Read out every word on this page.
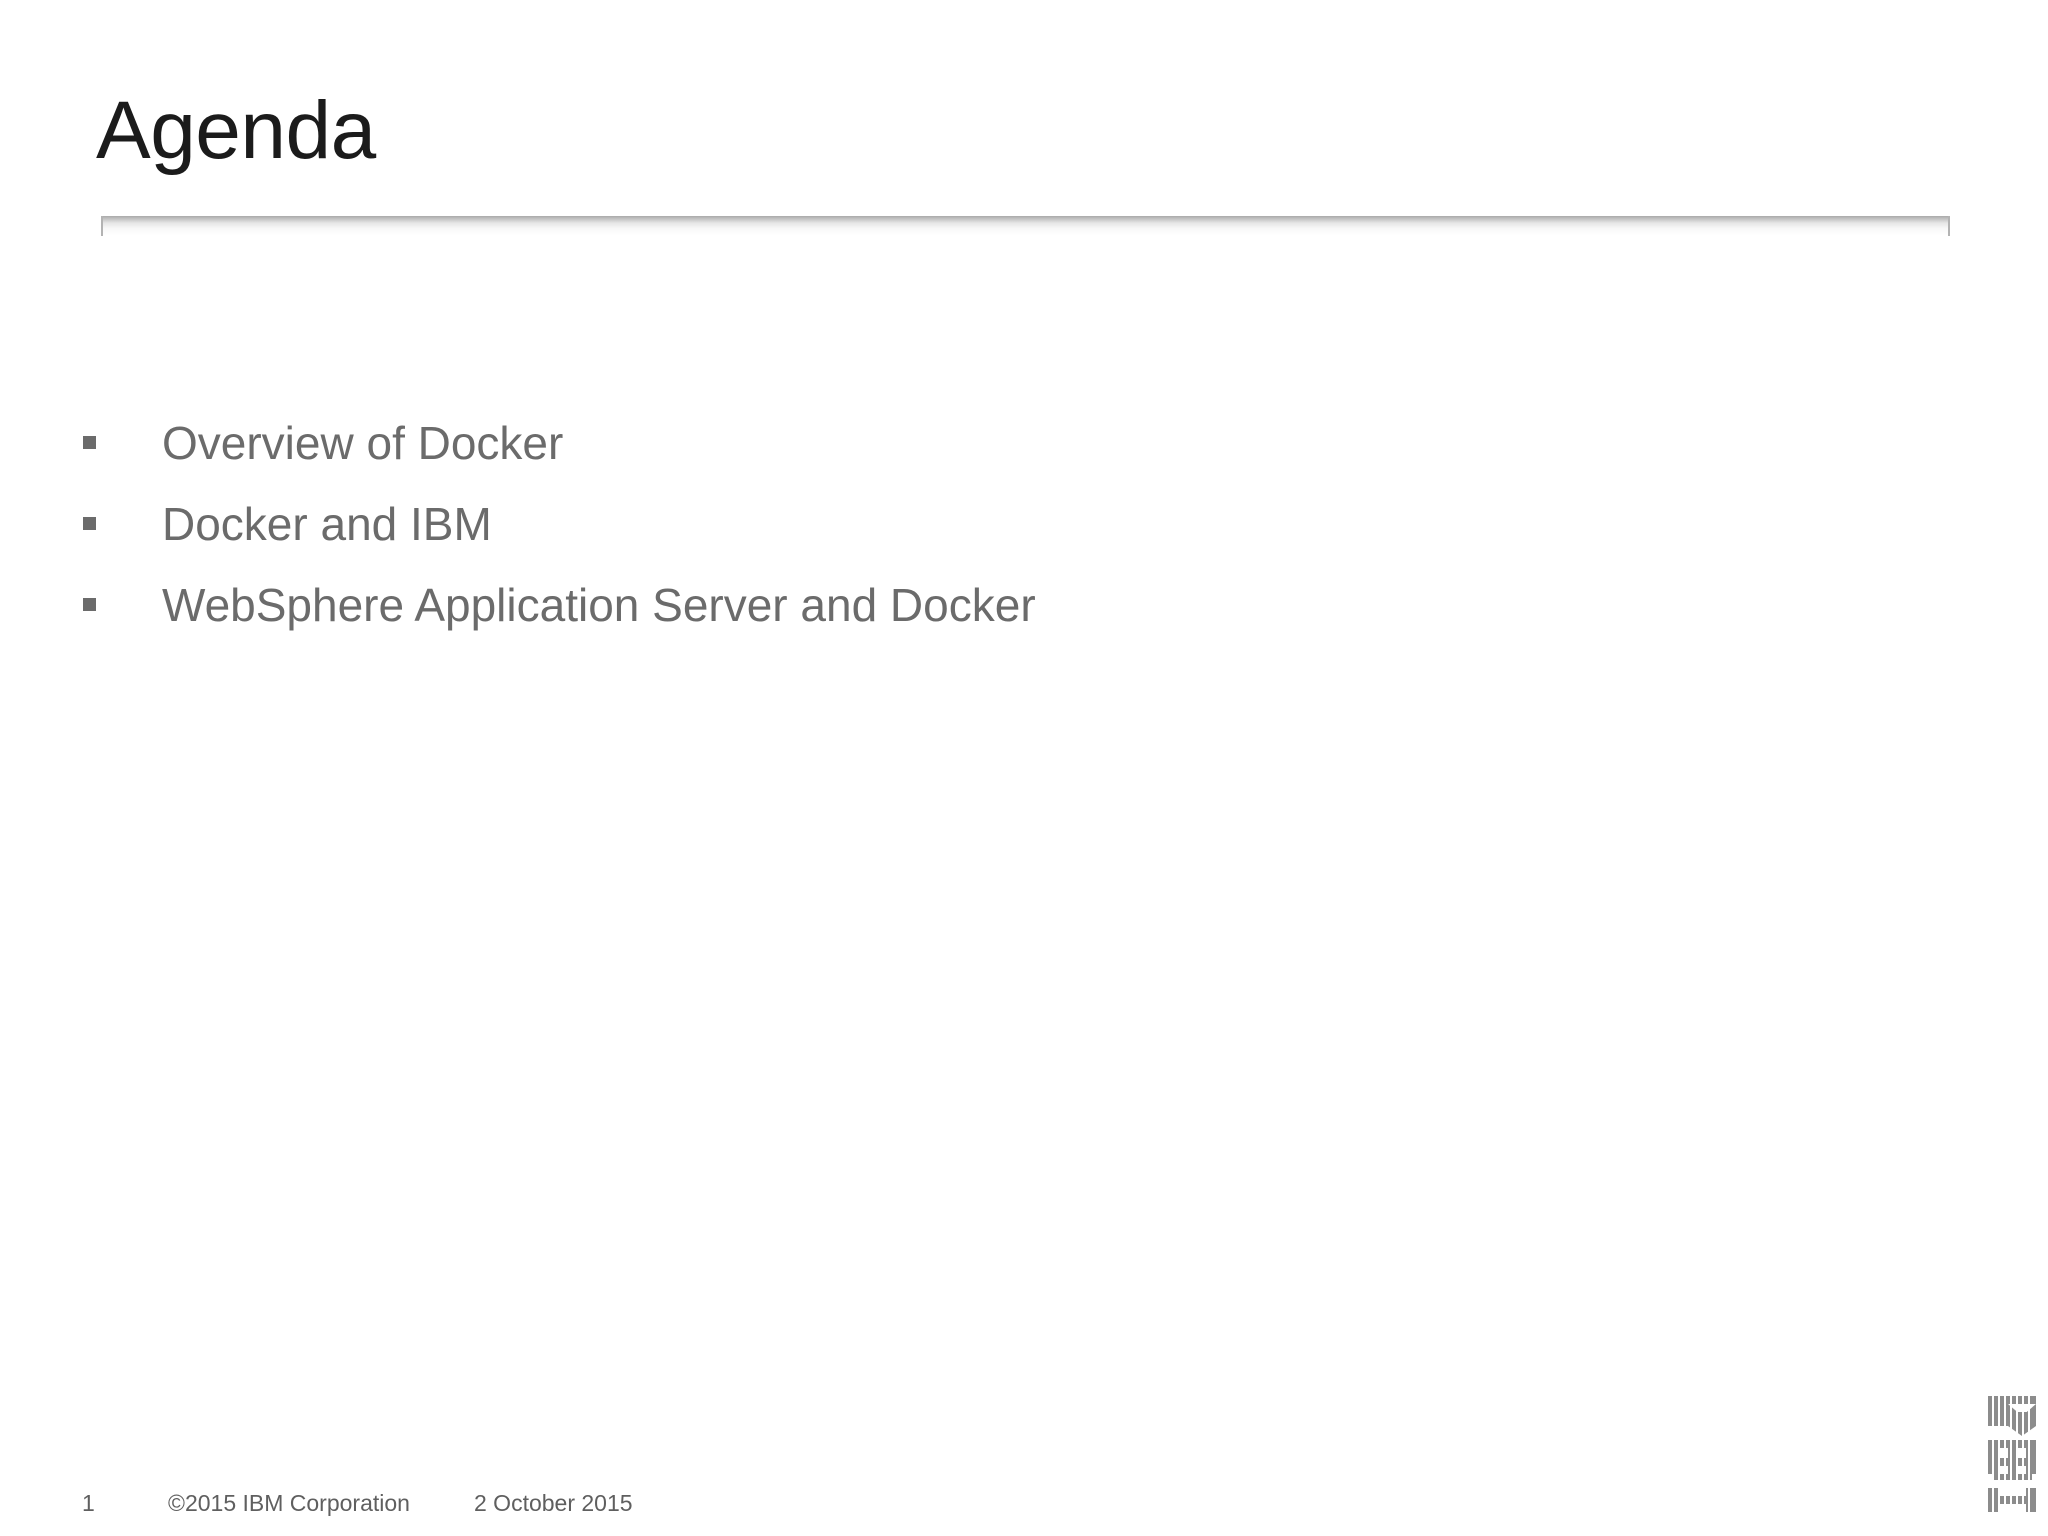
Agenda
Overview of Docker
Docker and IBM
WebSphere Application Server and Docker
1	©2015 IBM Corporation	2 October 2015
